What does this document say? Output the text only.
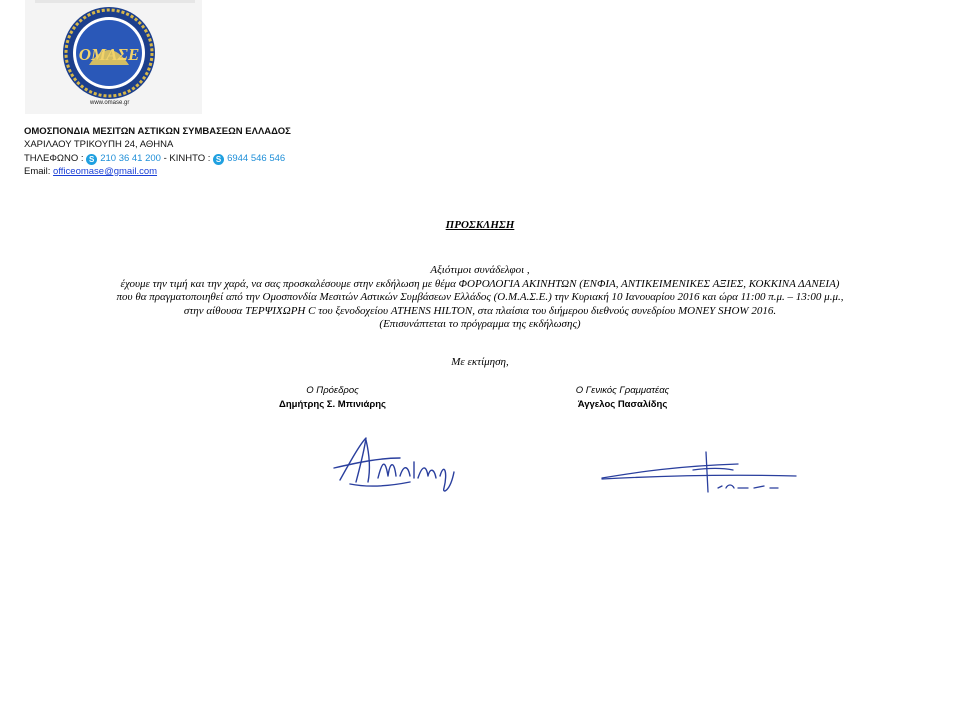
ΟΜΑΣΕ
www.omase.gr
ΟΜΟΣΠΟΝΔΙΑ ΜΕΣΙΤΩΝ ΑΣΤΙΚΩΝ ΣΥΜΒΑΣΕΩΝ ΕΛΛΑΔΟΣ
ΧΑΡΙΛΑΟΥ ΤΡΙΚΟΥΠΗ 24, ΑΘΗΝΑ
ΤΗΛΕΦΩΝΟ : S 210 36 41 200 - ΚΙΝΗΤΟ : S 6944 546 546
Email: officeomase@gmail.com
ΠΡΟΣΚΛΗΣΗ
Αξιότιμοι συνάδελφοι ,
έχουμε την τιμή και την χαρά, να σας προσκαλέσουμε στην εκδήλωση με θέμα ΦΟΡΟΛΟΓΙΑ ΑΚΙΝΗΤΩΝ (ΕΝΦΙΑ, ΑΝΤΙΚΕΙΜΕΝΙΚΕΣ ΑΞΙΕΣ, ΚΟΚΚΙΝΑ ΔΑΝΕΙΑ)
που θα πραγματοποιηθεί από την Ομοσπονδία Μεσιτών Αστικών Συμβάσεων Ελλάδος (Ο.Μ.Α.Σ.Ε.) την Κυριακή 10 Ιανουαρίου 2016 και ώρα 11:00 π.μ. – 13:00 μ.μ.,
στην αίθουσα ΤΕΡΨΙΧΩΡΗ C του ξενοδοχείου ATHENS HILTON, στα πλαίσια του διήμερου διεθνούς συνεδρίου MONEY SHOW 2016.
(Επισυνάπτεται το πρόγραμμα της εκδήλωσης)
Με εκτίμηση,
Ο Πρόεδρος
Δημήτρης Σ. Μπινιάρης
Ο Γενικός Γραμματέας
Άγγελος Πασαλίδης
